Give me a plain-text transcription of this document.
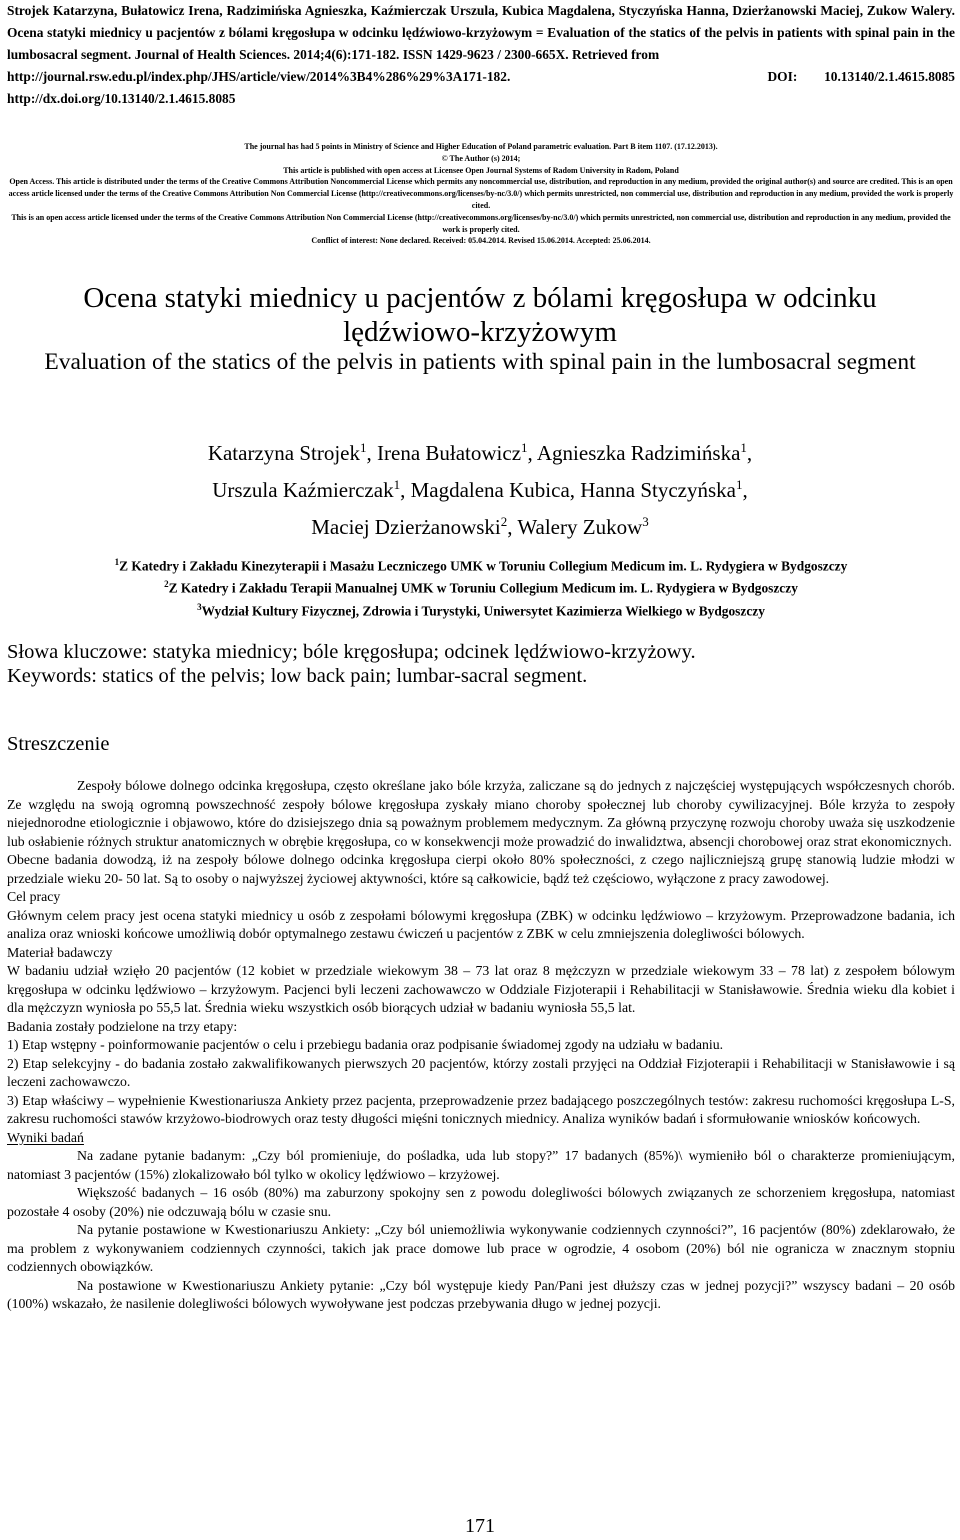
Strojek Katarzyna, Bułatowicz Irena, Radzimińska Agnieszka, Kaźmierczak Urszula, Kubica Magdalena, Styczyńska Hanna, Dzierżanowski Maciej, Zukow Walery. Ocena statyki miednicy u pacjentów z bólami kręgosłupa w odcinku lędźwiowo-krzyżowym = Evaluation of the statics of the pelvis in patients with spinal pain in the lumbosacral segment. Journal of Health Sciences. 2014;4(6):171-182. ISSN 1429-9623 / 2300-665X. Retrieved from
http://journal.rsw.edu.pl/index.php/JHS/article/view/2014%3B4%286%29%3A171-182.	DOI: 10.13140/2.1.4615.8085
http://dx.doi.org/10.13140/2.1.4615.8085

The journal has had 5 points in Ministry of Science and Higher Education of Poland parametric evaluation. Part B item 1107. (17.12.2013).

© The Author (s) 2014;

This article is published with open access at Licensee Open Journal Systems of Radom University in Radom, Poland

Open Access. This article is distributed under the terms of the Creative Commons Attribution Noncommercial License which permits any noncommercial use, distribution, and reproduction in any medium, provided the original author(s) and source are credited. This is an open access article licensed under the terms of the Creative Commons Attribution Non Commercial License (http://creativecommons.org/licenses/by-nc/3.0/) which permits unrestricted, non commercial use, distribution and reproduction in any medium, provided the work is properly cited.

This is an open access article licensed under the terms of the Creative Commons Attribution Non Commercial License (http://creativecommons.org/licenses/by-nc/3.0/) which permits unrestricted, non commercial use, distribution and reproduction in any medium, provided the work is properly cited.

Conflict of interest: None declared. Received: 05.04.2014. Revised 15.06.2014. Accepted: 25.06.2014.

Ocena statyki miednicy u pacjentów z bólami kręgosłupa w odcinku lędźwiowo-krzyżowym
Evaluation of the statics of the pelvis in patients with spinal pain in the lumbosacral segment
Katarzyna Strojek$^1$, Irena Bułatowicz$^1$, Agnieszka Radzimińska$^1$,
Urszula Kaźmierczak$^1$, Magdalena Kubica, Hanna Styczyńska$^1$,
Maciej Dzierżanowski$^2$, Walery Zukow$^3$
$^1$Z Katedry i Zakładu Kinezyterapii i Masażu Leczniczego UMK w Toruniu Collegium Medicum im. L. Rydygiera w Bydgoszczy
$^2$Z Katedry i Zakładu Terapii Manualnej UMK w Toruniu Collegium Medicum im. L. Rydygiera w Bydgoszczy
$^3$Wydział Kultury Fizycznej, Zdrowia i Turystyki, Uniwersytet Kazimierza Wielkiego w Bydgoszczy
Słowa kluczowe: statyka miednicy; bóle kręgosłupa; odcinek lędźwiowo-krzyżowy.
Keywords: statics of the pelvis; low back pain; lumbar-sacral segment.
Streszczenie

Zespoły bólowe dolnego odcinka kręgosłupa, często określane jako bóle krzyża, zaliczane są do jednych z najczęściej występujących współczesnych chorób. Ze względu na swoją ogromną powszechność zespoły bólowe kręgosłupa zyskały miano choroby społecznej lub choroby cywilizacyjnej. Bóle krzyża to zespoły niejednorodne etiologicznie i objawowo, które do dzisiejszego dnia są poważnym problemem medycznym. Za główną przyczynę rozwoju choroby uważa się uszkodzenie lub osłabienie różnych struktur anatomicznych w obrębie kręgosłupa, co w konsekwencji może prowadzić do inwalidztwa, absencji chorobowej oraz strat ekonomicznych.

Obecne badania dowodzą, iż na zespoły bólowe dolnego odcinka kręgosłupa cierpi około 80% społeczności, z czego najliczniejszą grupę stanowią ludzie młodzi w przedziale wieku 20- 50 lat. Są to osoby o najwyższej życiowej aktywności, które są całkowicie, bądź też częściowo, wyłączone z pracy zawodowej.

Cel pracy

Głównym celem pracy jest ocena statyki miednicy u osób z zespołami bólowymi kręgosłupa (ZBK) w odcinku lędźwiowo – krzyżowym. Przeprowadzone badania, ich analiza oraz wnioski końcowe umożliwią dobór optymalnego zestawu ćwiczeń u pacjentów z ZBK w celu zmniejszenia dolegliwości bólowych.

Materiał badawczy

W badaniu udział wzięło 20 pacjentów (12 kobiet w przedziale wiekowym 38 – 73 lat oraz 8 mężczyzn w przedziale wiekowym 33 – 78 lat) z zespołem bólowym kręgosłupa w odcinku lędźwiowo – krzyżowym. Pacjenci byli leczeni zachowawczo w Oddziale Fizjoterapii i Rehabilitacji w Stanisławowie. Średnia wieku dla kobiet i dla mężczyzn wyniosła po 55,5 lat. Średnia wieku wszystkich osób biorących udział w badaniu wyniosła 55,5 lat.

Badania zostały podzielone na trzy etapy:

1) Etap wstępny - poinformowanie pacjentów o celu i przebiegu badania oraz podpisanie świadomej zgody na udziału w badaniu.

2) Etap selekcyjny - do badania zostało zakwalifikowanych pierwszych 20 pacjentów, którzy zostali przyjęci na Oddział Fizjoterapii i Rehabilitacji w Stanisławowie i są leczeni zachowawczo.

3) Etap właściwy – wypełnienie Kwestionariusza Ankiety przez pacjenta, przeprowadzenie przez badającego poszczególnych testów: zakresu ruchomości kręgosłupa L-S, zakresu ruchomości stawów krzyżowo-biodrowych oraz testy długości mięśni tonicznych miednicy. Analiza wyników badań i sformułowanie wniosków końcowych.

Wyniki badań

Na zadane pytanie badanym: „Czy ból promieniuje, do pośladka, uda lub stopy?” 17 badanych (85%)\ wymieniło ból o charakterze promieniującym, natomiast 3 pacjentów (15%) zlokalizowało ból tylko w okolicy lędźwiowo – krzyżowej.

Większość badanych – 16 osób (80%) ma zaburzony spokojny sen z powodu dolegliwości bólowych związanych ze schorzeniem kręgosłupa, natomiast pozostałe 4 osoby (20%) nie odczuwają bólu w czasie snu.

Na pytanie postawione w Kwestionariuszu Ankiety: „Czy ból uniemożliwia wykonywanie codziennych czynności?”, 16 pacjentów (80%) zdeklarowało, że ma problem z wykonywaniem codziennych czynności, takich jak prace domowe lub prace w ogrodzie, 4 osobom (20%) ból nie ogranicza w znacznym stopniu codziennych obowiązków.

Na postawione w Kwestionariuszu Ankiety pytanie: „Czy ból występuje kiedy Pan/Pani jest dłuższy czas w jednej pozycji?” wszyscy badani – 20 osób (100%) wskazało, że nasilenie dolegliwości bólowych wywoływane jest podczas przebywania długo w jednej pozycji.

171
